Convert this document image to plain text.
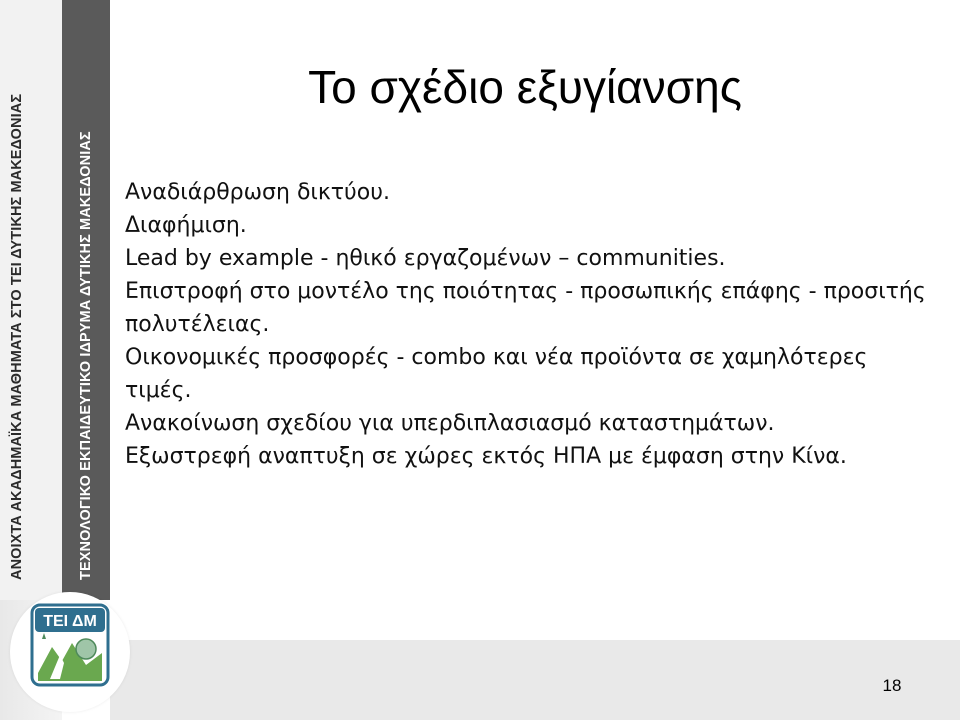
ΑΝΟΙΧΤΑ ΑΚΑΔΗΜΑΪΚΑ ΜΑΘΗΜΑΤΑ ΣΤΟ ΤΕΙ ΔΥΤΙΚΗΣ ΜΑΚΕΔΟΝΙΑΣ	ΤΕΧΝΟΛΟΓΙΚΟ ΕΚΠΑΙΔΕΥΤΙΚΟ ΙΔΡΥΜΑ ΔΥΤΙΚΗΣ ΜΑΚΕΔΟΝΙΑΣ
ΤΕΙ ΔΜ
Το σχέδιο εξυγίανσης
Αναδιάρθρωση δικτύου.
Διαφήμιση.
Lead by example - ηθικό εργαζομένων – communities.
Επιστροφή στο μοντέλο της ποιότητας - προσωπικής επάφης - προσιτής πολυτέλειας.
Οικονομικές προσφορές - combo και νέα προϊόντα σε χαμηλότερες τιμές.
Ανακοίνωση σχεδίου για υπερδιπλασιασμό καταστημάτων.
Εξωστρεφή αναπτυξη σε χώρες εκτός ΗΠΑ με έμφαση στην Κίνα.
18
